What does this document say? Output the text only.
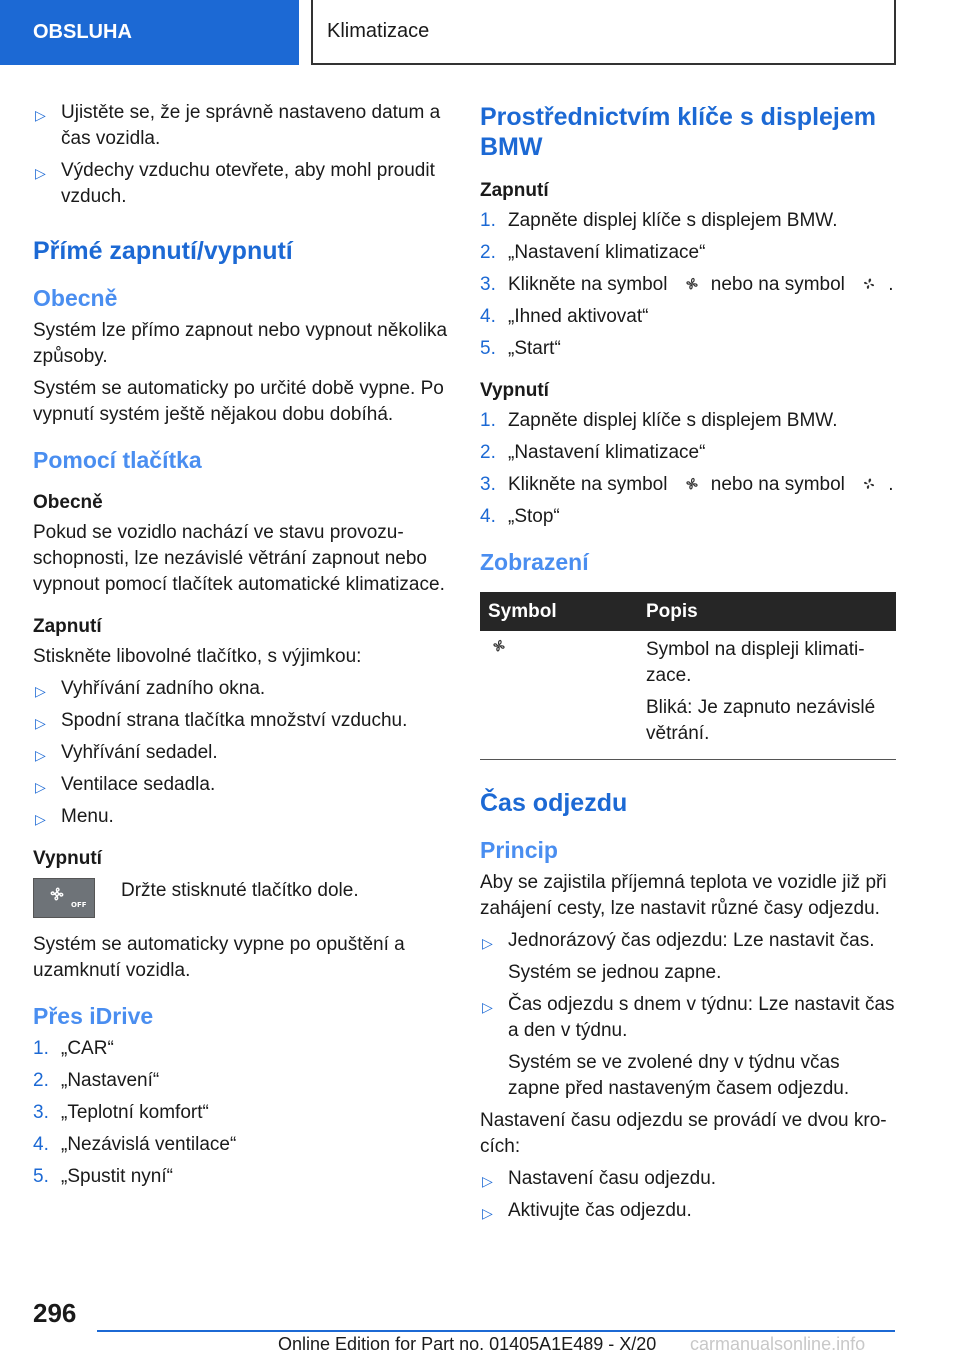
OBSLUHA	Klimatizace
▷ Ujistěte se, že je správně nastaveno datum a čas vozidla.
▷ Výdechy vzduchu otevřete, aby mohl proudit vzduch.
Přímé zapnutí/vypnutí
Obecně

Systém lze přímo zapnout nebo vypnout několika způsoby.

Systém se automaticky po určité době vypne. Po vypnutí systém ještě nějakou dobu dobíhá.

Pomocí tlačítka
Obecně

Pokud se vozidlo nachází ve stavu provozu-schopnosti, lze nezávislé větrání zapnout nebo vypnout pomocí tlačítek automatické klimatizace.

Zapnutí

Stiskněte libovolné tlačítko, s výjimkou:

▷ Vyhřívání zadního okna.
▷ Spodní strana tlačítka množství vzduchu.
▷ Vyhřívání sedadel.
▷ Ventilace sedadla.
▷ Menu.
Vypnutí
OFF
Držte stisknuté tlačítko dole.

Systém se automaticky vypne po opuštění a uzamknutí vozidla.

Přes iDrive
1. „CAR“
2. „Nastavení“
3. „Teplotní komfort“
4. „Nezávislá ventilace“
5. „Spustit nyní“
Prostřednictvím klíče s displejem BMW
Zapnutí
1. Zapněte displej klíče s displejem BMW.
2. „Nastavení klimatizace“
3. Klikněte na symbol nebo na symbol .
4. „Ihned aktivovat“
5. „Start“
Vypnutí
1. Zapněte displej klíče s displejem BMW.
2. „Nastavení klimatizace“
3. Klikněte na symbol nebo na symbol .
4. „Stop“
Zobrazení
Symbol	Popis

Symbol na displeji klimati-zace.

Bliká: Je zapnuto nezávislé větrání.

Čas odjezdu
Princip

Aby se zajistila příjemná teplota ve vozidle již při zahájení cesty, lze nastavit různé časy odjezdu.

▷ Jednorázový čas odjezdu: Lze nastavit čas.

Systém se jednou zapne.

▷ Čas odjezdu s dnem v týdnu: Lze nastavit čas a den v týdnu.

Systém se ve zvolené dny v týdnu včas zapne před nastaveným časem odjezdu.

Nastavení času odjezdu se provádí ve dvou kro-cích:

▷ Nastavení času odjezdu.
▷ Aktivujte čas odjezdu.
296
Online Edition for Part no. 01405A1E489 - X/20 carmanualsonline.info
